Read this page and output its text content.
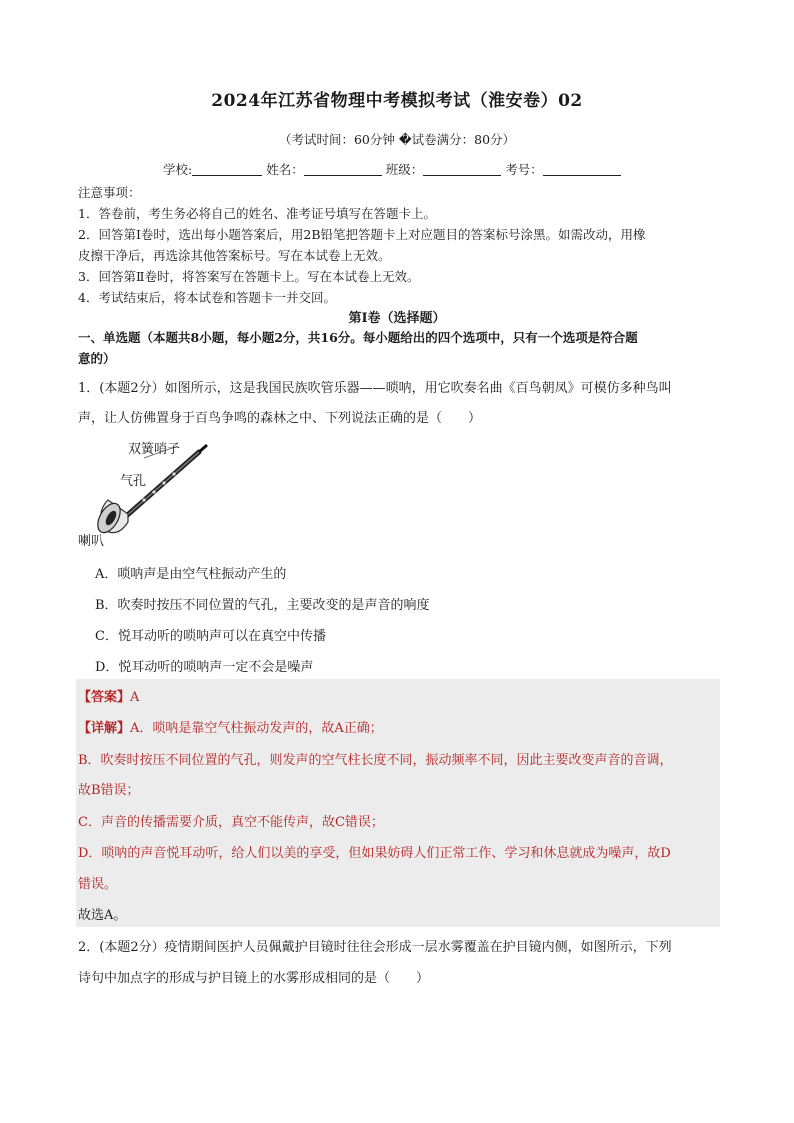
2024年江苏省物理中考模拟考试（淮安卷）02
（考试时间：60分钟 �试卷满分：80分）
学校:	姓名：	班级：	考号：
注意事项：
1．答卷前，考生务必将自己的姓名、准考证号填写在答题卡上。
2．回答第Ⅰ卷时，选出每小题答案后，用2B铅笔把答题卡上对应题目的答案标号涂黑。如需改动，用橡
皮擦干净后，再选涂其他答案标号。写在本试卷上无效。
3．回答第Ⅱ卷时，将答案写在答题卡上。写在本试卷上无效。
4．考试结束后，将本试卷和答题卡一并交回。
第Ⅰ卷（选择题）
一、单选题（本题共8小题，每小题2分，共16分。每小题给出的四个选项中，只有一个选项是符合题
意的）
1．(本题2分）如图所示，这是我国民族吹管乐器——唢呐，用它吹奏名曲《百鸟朝凤》可模仿多种鸟叫
声，让人仿佛置身于百鸟争鸣的森林之中、下列说法正确的是（　　）
双簧哨子
气孔
喇叭
A．唢呐声是由空气柱振动产生的
B．吹奏时按压不同位置的气孔，主要改变的是声音的响度
C．悦耳动听的唢呐声可以在真空中传播
D．悦耳动听的唢呐声一定不会是噪声
【答案】A
【详解】A．唢呐是靠空气柱振动发声的，故A正确；
B．吹奏时按压不同位置的气孔，则发声的空气柱长度不同，振动频率不同，因此主要改变声音的音调，
故B错误；
C．声音的传播需要介质，真空不能传声，故C错误；
D．唢呐的声音悦耳动听，给人们以美的享受，但如果妨碍人们正常工作、学习和休息就成为噪声，故D
错误。
故选A。
2．(本题2分）疫情期间医护人员佩戴护目镜时往往会形成一层水雾覆盖在护目镜内侧，如图所示，下列
诗句中加点字的形成与护目镜上的水雾形成相同的是（　　）
